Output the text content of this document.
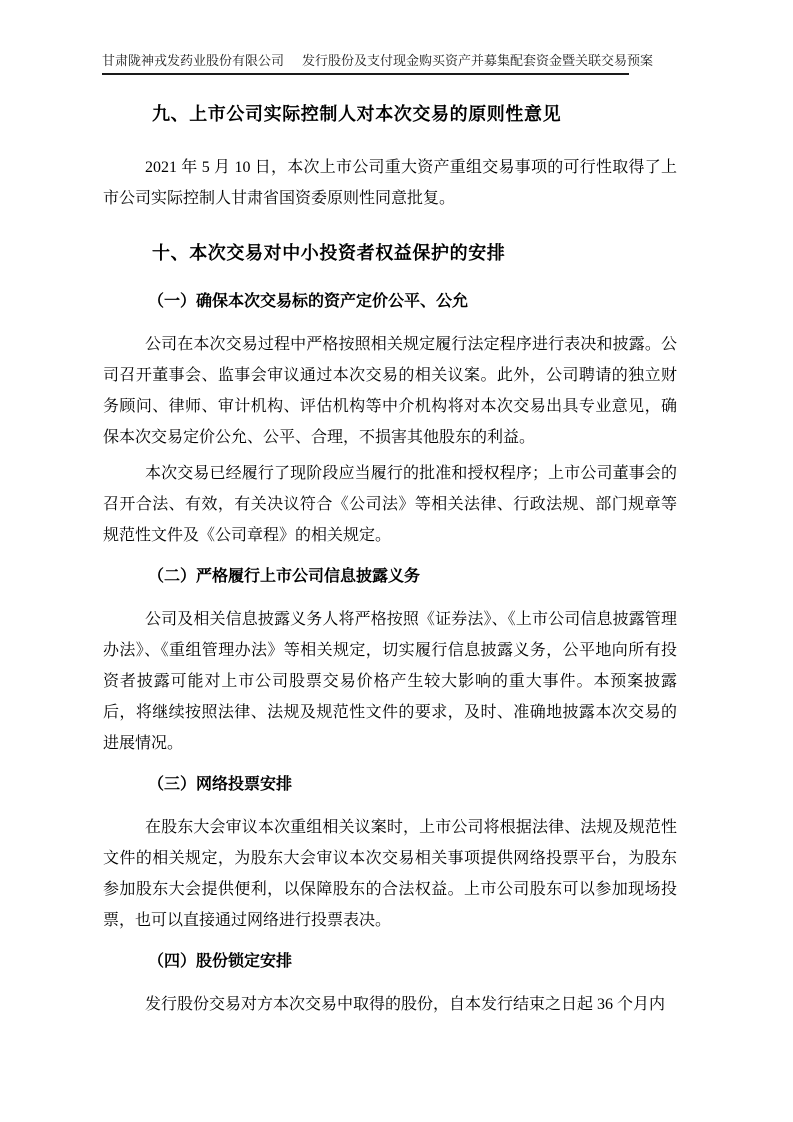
甘肃陇神戎发药业股份有限公司 发行股份及支付现金购买资产并募集配套资金暨关联交易预案
九、上市公司实际控制人对本次交易的原则性意见

2021 年 5 月 10 日，本次上市公司重大资产重组交易事项的可行性取得了上市公司实际控制人甘肃省国资委原则性同意批复。

十、本次交易对中小投资者权益保护的安排
（一）确保本次交易标的资产定价公平、公允

公司在本次交易过程中严格按照相关规定履行法定程序进行表决和披露。公司召开董事会、监事会审议通过本次交易的相关议案。此外，公司聘请的独立财务顾问、律师、审计机构、评估机构等中介机构将对本次交易出具专业意见，确保本次交易定价公允、公平、合理，不损害其他股东的利益。

本次交易已经履行了现阶段应当履行的批准和授权程序；上市公司董事会的召开合法、有效，有关决议符合《公司法》等相关法律、行政法规、部门规章等规范性文件及《公司章程》的相关规定。

（二）严格履行上市公司信息披露义务

公司及相关信息披露义务人将严格按照《证券法》、《上市公司信息披露管理办法》、《重组管理办法》等相关规定，切实履行信息披露义务，公平地向所有投资者披露可能对上市公司股票交易价格产生较大影响的重大事件。本预案披露后，将继续按照法律、法规及规范性文件的要求，及时、准确地披露本次交易的进展情况。

（三）网络投票安排

在股东大会审议本次重组相关议案时，上市公司将根据法律、法规及规范性文件的相关规定，为股东大会审议本次交易相关事项提供网络投票平台，为股东参加股东大会提供便利，以保障股东的合法权益。上市公司股东可以参加现场投票，也可以直接通过网络进行投票表决。

（四）股份锁定安排

发行股份交易对方本次交易中取得的股份，自本发行结束之日起 36 个月内
